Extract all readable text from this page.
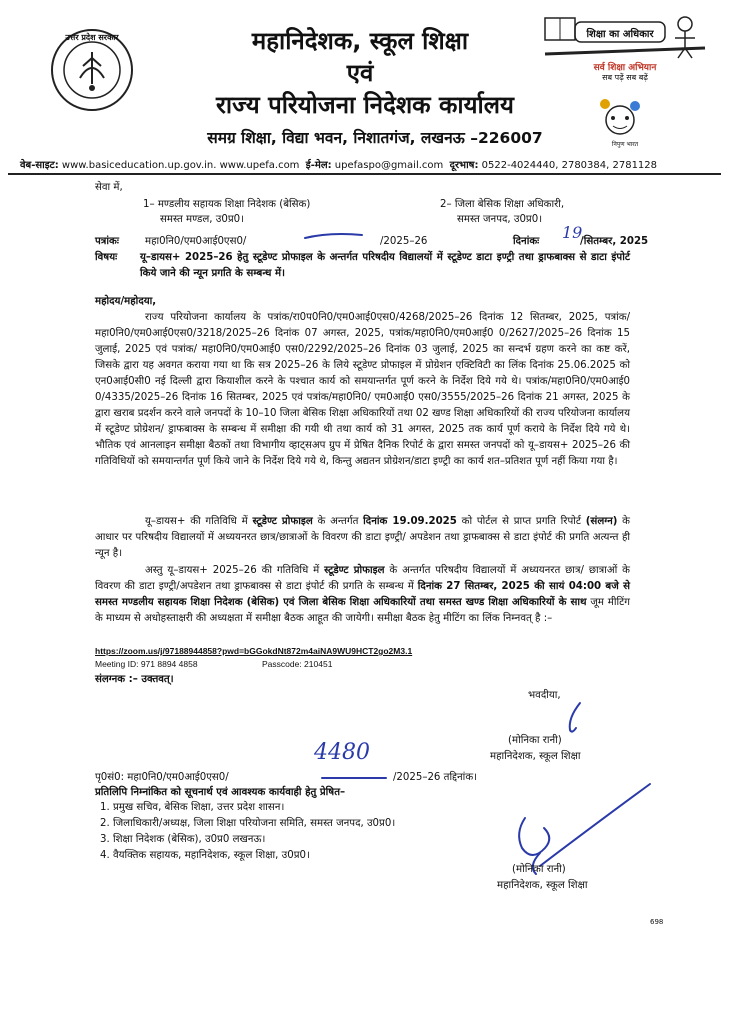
उत्तर प्रदेश सरकार	महानिदेशक, स्कूल शिक्षा
एवं
राज्य परियोजना निदेशक कार्यालय
समग्र शिक्षा, विद्या भवन, निशातगंज, लखनऊ –226007
शिक्षा का अधिकार
सर्व शिक्षा अभियान
सब पढ़ें सब बढ़ें
निपुण भारत
वेब-साइट: www.basiceducation.up.gov.in. www.upefa.com ई-मेल: upefaspo@gmail.com दूरभाष: 0522-4024440, 2780384, 2781128
सेवा में,
1– मण्डलीय सहायक शिक्षा निदेशक (बेसिक)
समस्त मण्डल, उ0प्र0।
2– जिला बेसिक शिक्षा अधिकारी,
समस्त जनपद, उ0प्र0।
पत्रांकः	महा0नि0/एम0आई0एस0/	/2025–26	दिनांकः 19
/सितम्बर, 2025
विषयः यू–डायस+ 2025–26 हेतु स्टूडेण्ट प्रोफाइल के अन्तर्गत परिषदीय विद्यालयों में स्टूडेण्ट डाटा इण्ट्री तथा ड्राफबाक्स से डाटा इंपोर्ट किये जाने की न्यून प्रगति के सम्बन्ध में।
महोदय/महोदया,
राज्य परियोजना कार्यालय के पत्रांक/रा0प0नि0/एम0आई0एस0/4268/2025–26 दिनांक 12 सितम्बर, 2025, पत्रांक/महा0नि0/एम0आई0एस0/3218/2025–26 दिनांक 07 अगस्त, 2025, पत्रांक/महा0नि0/एम0आई0 0/2627/2025–26 दिनांक 15 जुलाई, 2025 एवं पत्रांक/ महा0नि0/एम0आई0 एस0/2292/2025–26 दिनांक 03 जुलाई, 2025 का सन्दर्भ ग्रहण करने का कष्ट करें, जिसके द्वारा यह अवगत कराया गया था कि सत्र 2025–26 के लिये स्टूडेण्ट प्रोफाइल में प्रोग्रेशन एक्टिविटी का लिंक दिनांक 25.06.2025 को एन0आई0सी0 नई दिल्ली द्वारा कियाशील करने के पश्चात कार्य को समयान्तर्गत पूर्ण करने के निर्देश दिये गये थे। पत्रांक/महा0नि0/एम0आई0 0/4335/2025–26 दिनांक 16 सितम्बर, 2025 एवं पत्रांक/महा0नि0/ एम0आई0 एस0/3555/2025–26 दिनांक 21 अगस्त, 2025 के द्वारा खराब प्रदर्शन करने वाले जनपदों के 10–10 जिला बेसिक शिक्षा अधिकारियों तथा 02 खण्ड शिक्षा अधिकारियों की राज्य परियोजना कार्यालय में स्टूडेण्ट प्रोग्रेशन/ ड्राफबाक्स के सम्बन्ध में समीक्षा की गयी थी तथा कार्य को 31 अगस्त, 2025 तक कार्य पूर्ण कराये के निर्देश दिये गये थे। भौतिक एवं आनलाइन समीक्षा बैठकों तथा विभागीय व्हाट्सअप ग्रुप में प्रेषित दैनिक रिपोर्ट के द्वारा समस्त जनपदों को यू–डायस+ 2025–26 की गतिविधियों को समयान्तर्गत पूर्ण किये जाने के निर्देश दिये गये थे, किन्तु अद्यतन प्रोग्रेशन/डाटा इण्ट्री का कार्य शत–प्रतिशत पूर्ण नहीं किया गया है।
यू–डायस+ की गतिविधि में स्टूडेण्ट प्रोफाइल के अन्तर्गत दिनांक 19.09.2025 को पोर्टल से प्राप्त प्रगति रिपोर्ट (संलग्न) के आधार पर परिषदीय विद्यालयों में अध्ययनरत छात्र/छात्राओं के विवरण की डाटा इण्ट्री/ अपडेशन तथा ड्राफबाक्स से डाटा इंपोर्ट की प्रगति अत्यन्त ही न्यून है।
अस्तु यू–डायस+ 2025–26 की गतिविधि में स्टूडेण्ट प्रोफाइल के अन्तर्गत परिषदीय विद्यालयों में अध्ययनरत छात्र/ छात्राओं के विवरण की डाटा इण्ट्री/अपडेशन तथा ड्राफबाक्स से डाटा इंपोर्ट की प्रगति के सम्बन्ध में दिनांक 27 सितम्बर, 2025 की सायं 04:00 बजे से समस्त मण्डलीय सहायक शिक्षा निदेशक (बेसिक) एवं जिला बेसिक शिक्षा अधिकारियों तथा समस्त खण्ड शिक्षा अधिकारियों के साथ जूम मीटिंग के माध्यम से अधोहस्ताक्षरी की अध्यक्षता में समीक्षा बैठक आहूत की जायेगी। समीक्षा बैठक हेतु मीटिंग का लिंक निम्नवत् है :–
https://zoom.us/j/97188944858?pwd=bGGokdNt872m4aiNA9WU9HCT2go2M3.1
Meeting ID: 971 8894 4858	Passcode: 210451
संलग्नक :– उक्तवत्।
भवदीया,
(मोनिका रानी)
महानिदेशक, स्कूल शिक्षा
4480
पृ0सं0: महा0नि0/एम0आई0एस0/	/2025–26 तद्दिनांक।
प्रतिलिपि निम्नांकित को सूचनार्थ एवं आवश्यक कार्यवाही हेतु प्रेषित–
1. प्रमुख सचिव, बेसिक शिक्षा, उत्तर प्रदेश शासन।
2. जिलाधिकारी/अध्यक्ष, जिला शिक्षा परियोजना समिति, समस्त जनपद, उ0प्र0।
3. शिक्षा निदेशक (बेसिक), उ0प्र0 लखनऊ।
4. वैयक्तिक सहायक, महानिदेशक, स्कूल शिक्षा, उ0प्र0।
(मोनिका रानी)
महानिदेशक, स्कूल शिक्षा
698
